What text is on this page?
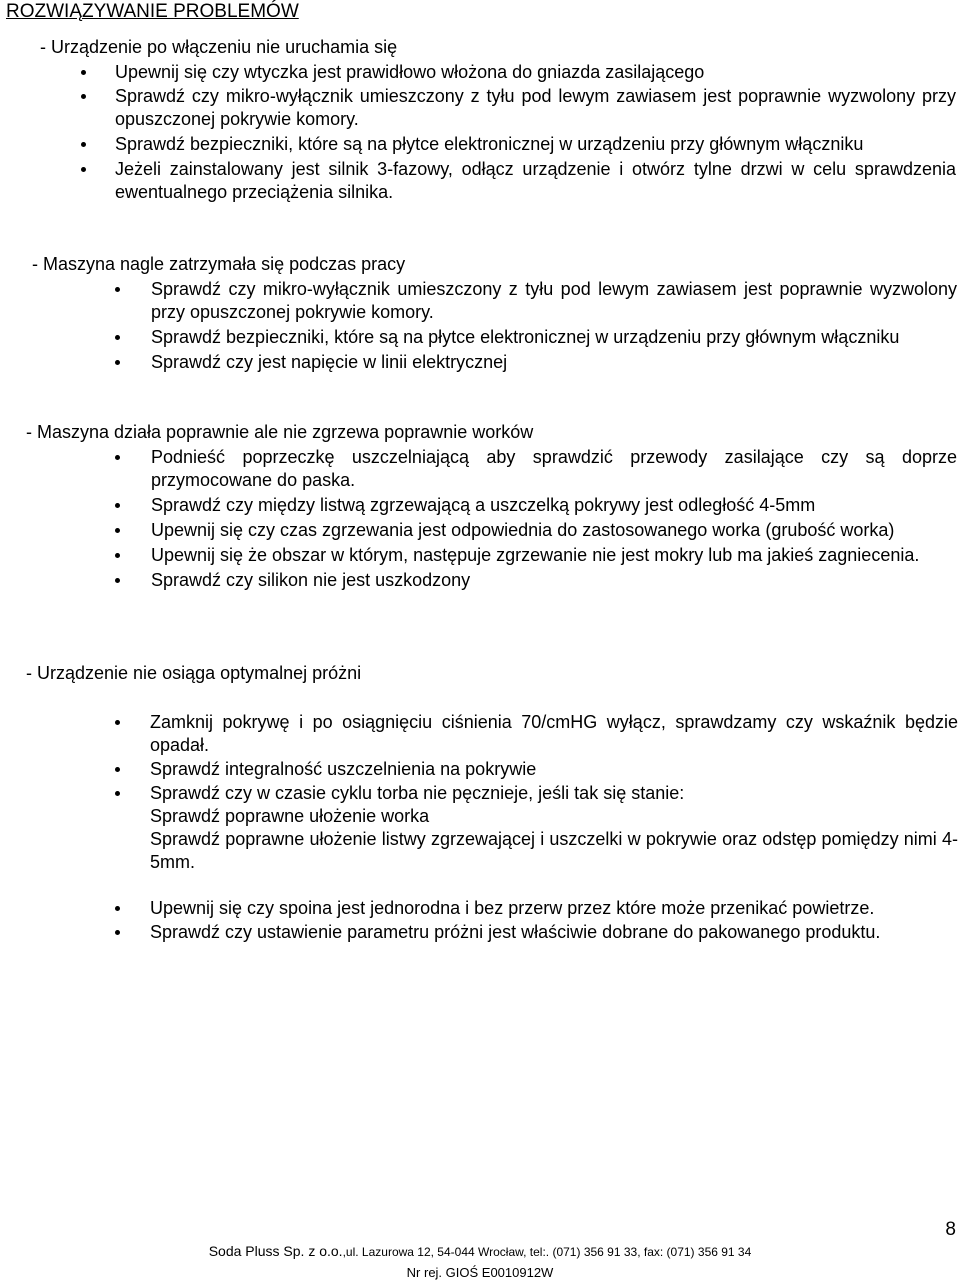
ROZWIĄZYWANIE PROBLEMÓW

- Urządzenie po włączeniu nie uruchamia się

Upewnij się czy wtyczka jest prawidłowo włożona do gniazda zasilającego
Sprawdź czy mikro-wyłącznik umieszczony z tyłu pod lewym zawiasem jest poprawnie wyzwolony przy opuszczonej pokrywie komory.
Sprawdź bezpieczniki, które są na płytce elektronicznej w urządzeniu przy głównym włączniku
Jeżeli zainstalowany jest silnik 3-fazowy, odłącz urządzenie i otwórz tylne drzwi w celu sprawdzenia ewentualnego przeciążenia silnika.

- Maszyna nagle zatrzymała się podczas pracy

Sprawdź czy mikro-wyłącznik umieszczony z tyłu pod lewym zawiasem jest poprawnie wyzwolony przy opuszczonej pokrywie komory.
Sprawdź bezpieczniki, które są na płytce elektronicznej w urządzeniu przy głównym włączniku
Sprawdź czy jest napięcie w linii elektrycznej

- Maszyna działa poprawnie ale nie zgrzewa poprawnie worków

Podnieść poprzeczkę uszczelniającą aby sprawdzić przewody zasilające czy są doprze przymocowane do paska.
Sprawdź czy między listwą zgrzewającą a uszczelką pokrywy jest odległość 4-5mm
Upewnij się czy czas zgrzewania jest odpowiednia do zastosowanego worka (grubość worka)
Upewnij się że obszar w którym, następuje zgrzewanie nie jest mokry lub ma jakieś zagniecenia.
Sprawdź czy silikon nie jest uszkodzony

- Urządzenie nie osiąga optymalnej próżni

Zamknij pokrywę i po osiągnięciu ciśnienia 70/cmHG wyłącz, sprawdzamy czy wskaźnik będzie opadał.
Sprawdź integralność uszczelnienia na pokrywie
Sprawdź czy w czasie cyklu torba nie pęcznieje, jeśli tak się stanie:
Sprawdź poprawne ułożenie worka
Sprawdź poprawne ułożenie listwy zgrzewającej i uszczelki w pokrywie oraz odstęp pomiędzy nimi 4-5mm.
Upewnij się czy spoina jest jednorodna i bez przerw przez które może przenikać powietrze.
Sprawdź czy ustawienie parametru próżni jest właściwie dobrane do pakowanego produktu.

8

Soda Pluss Sp. z o.o.,ul. Lazurowa 12, 54-044 Wrocław, tel:. (071) 356 91 33, fax: (071) 356 91 34

Nr rej. GIOŚ E0010912W
